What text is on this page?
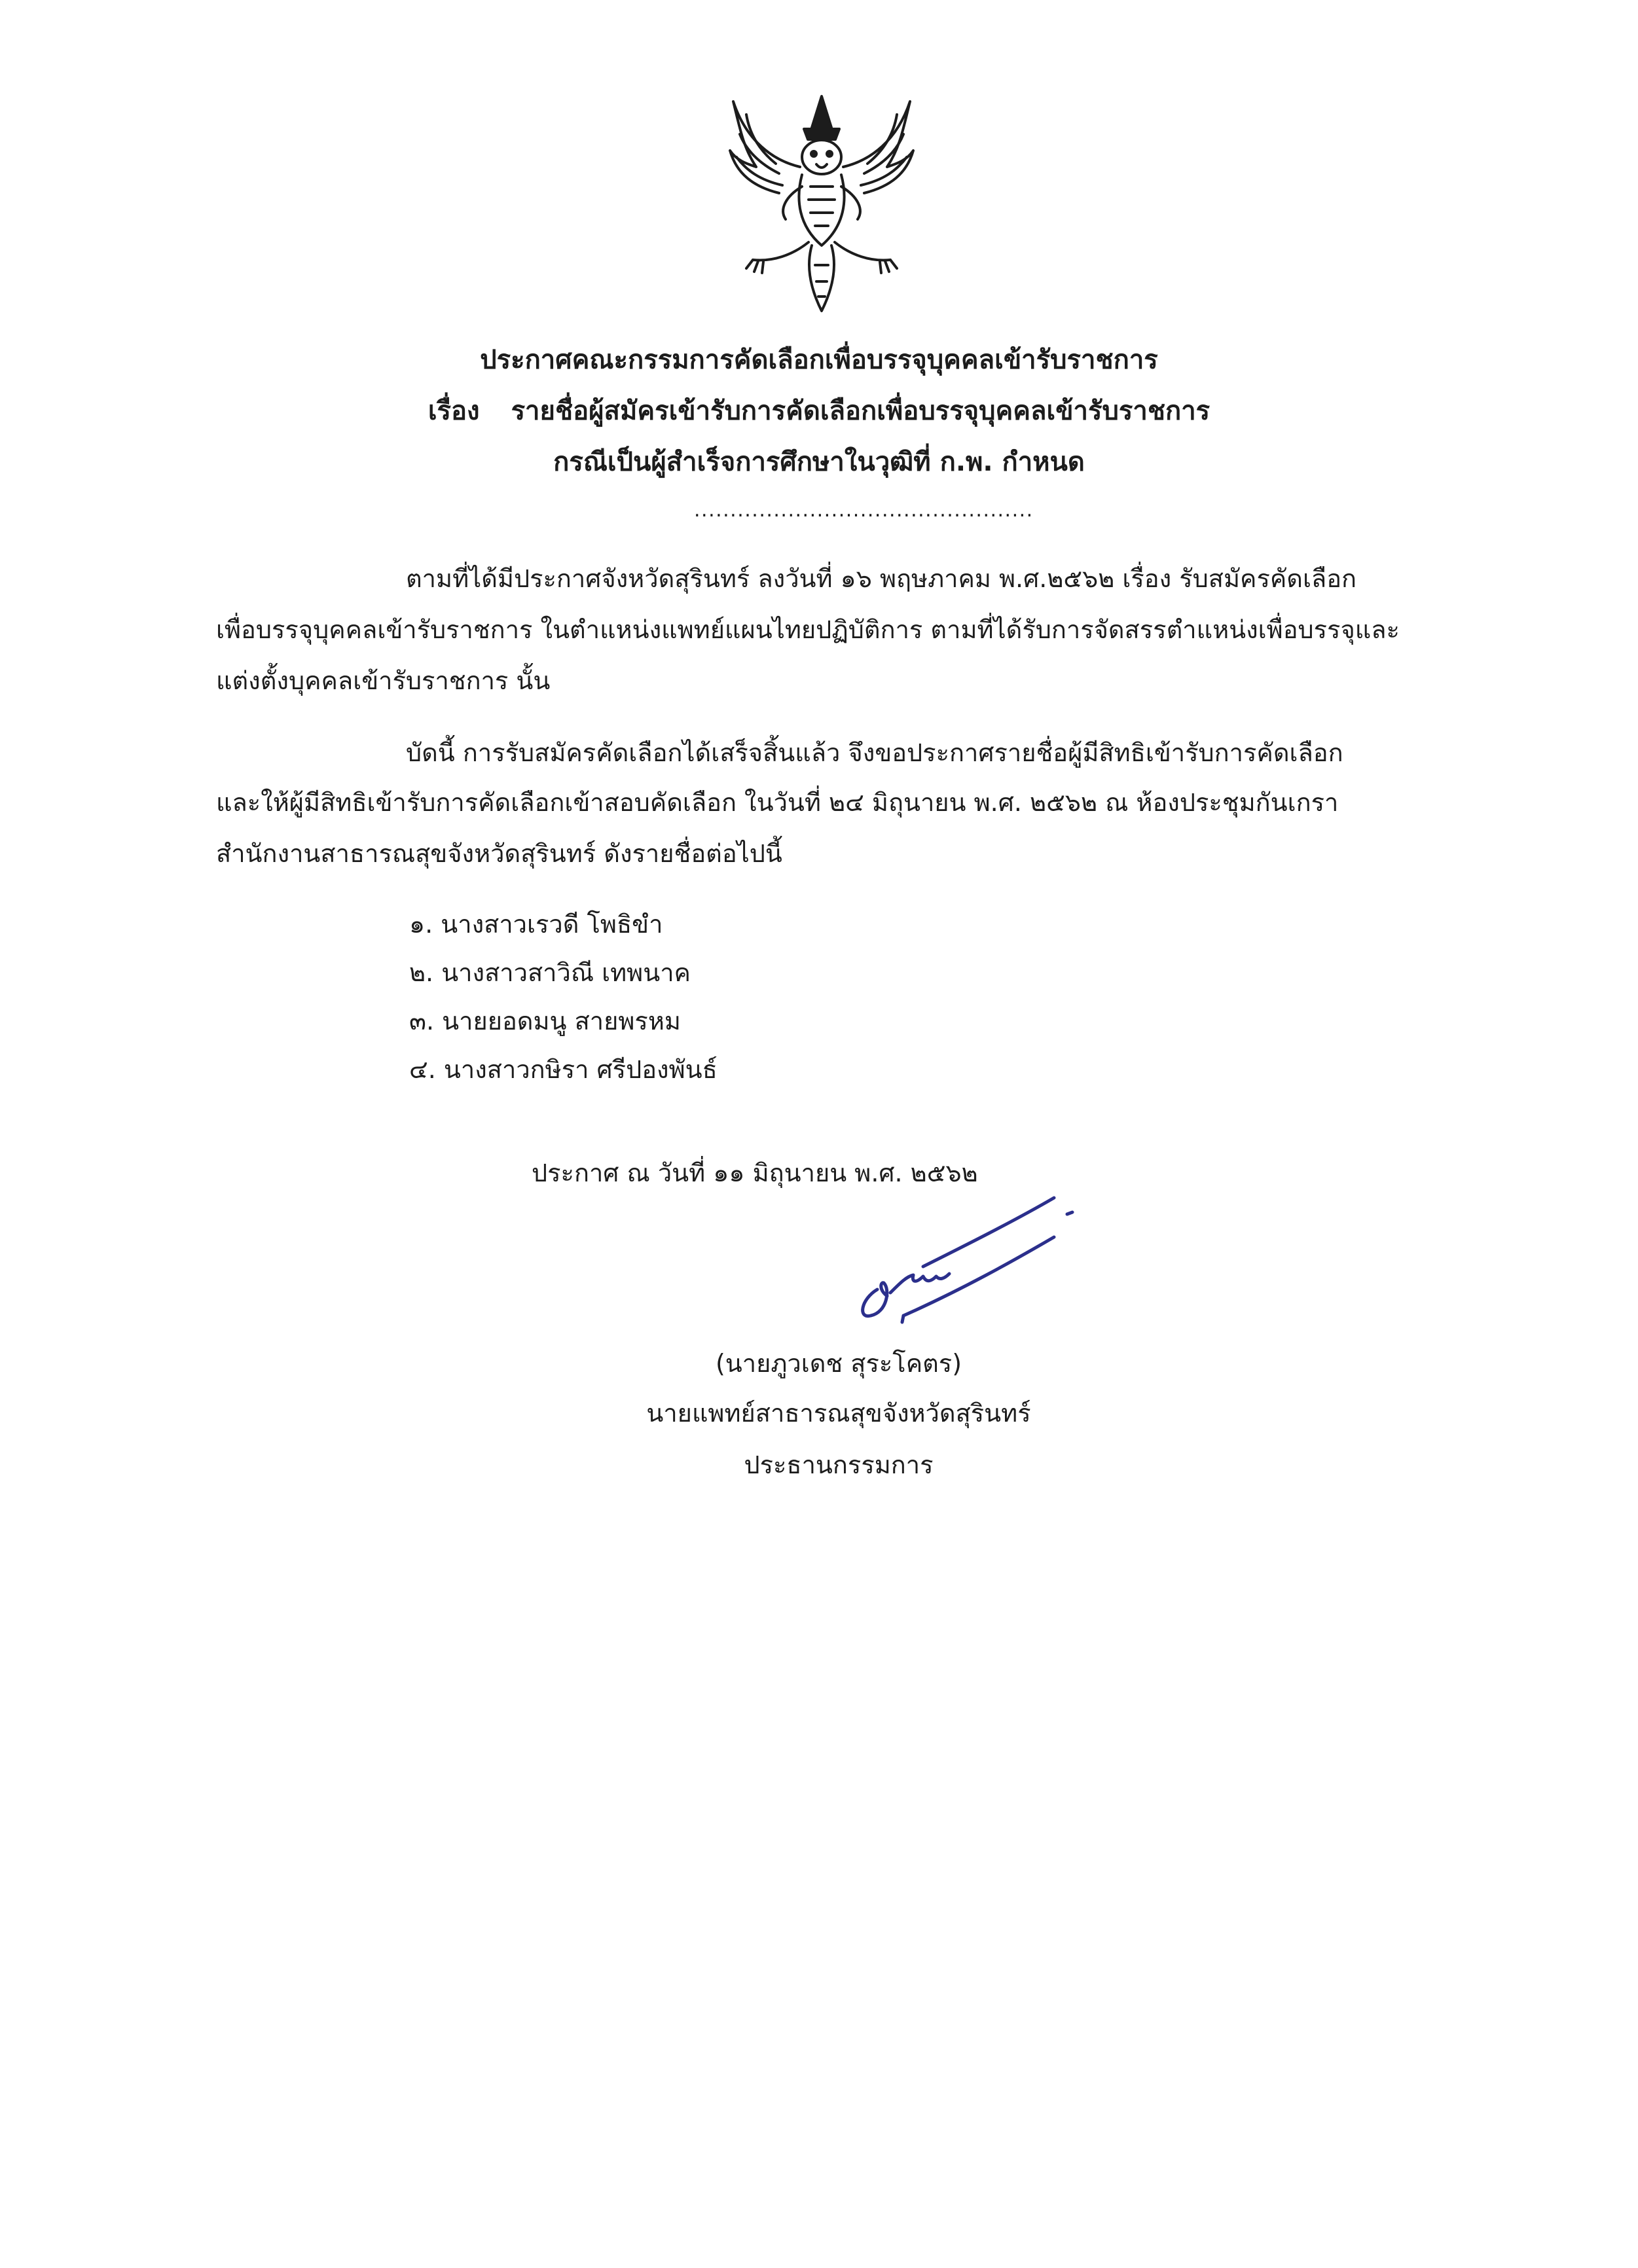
ประกาศคณะกรรมการคัดเลือกเพื่อบรรจุบุคคลเข้ารับราชการ
เรื่อง รายชื่อผู้สมัครเข้ารับการคัดเลือกเพื่อบรรจุบุคคลเข้ารับราชการ
กรณีเป็นผู้สำเร็จการศึกษาในวุฒิที่ ก.พ. กำหนด
...............................................
ตามที่ได้มีประกาศจังหวัดสุรินทร์ ลงวันที่ ๑๖ พฤษภาคม พ.ศ.๒๕๖๒ เรื่อง รับสมัครคัดเลือก
เพื่อบรรจุบุคคลเข้ารับราชการ ในตำแหน่งแพทย์แผนไทยปฏิบัติการ ตามที่ได้รับการจัดสรรตำแหน่งเพื่อบรรจุและ
แต่งตั้งบุคคลเข้ารับราชการ นั้น
บัดนี้ การรับสมัครคัดเลือกได้เสร็จสิ้นแล้ว จึงขอประกาศรายชื่อผู้มีสิทธิเข้ารับการคัดเลือก
และให้ผู้มีสิทธิเข้ารับการคัดเลือกเข้าสอบคัดเลือก ในวันที่ ๒๔ มิถุนายน พ.ศ. ๒๕๖๒ ณ ห้องประชุมกันเกรา
สำนักงานสาธารณสุขจังหวัดสุรินทร์ ดังรายชื่อต่อไปนี้
๑. นางสาวเรวดี โพธิขำ
๒. นางสาวสาวิณี เทพนาค
๓. นายยอดมนู สายพรหม
๔. นางสาวกษิรา ศรีปองพันธ์
ประกาศ ณ วันที่ ๑๑ มิถุนายน พ.ศ. ๒๕๖๒
(นายภูวเดช สุระโคตร)
นายแพทย์สาธารณสุขจังหวัดสุรินทร์
ประธานกรรมการ
